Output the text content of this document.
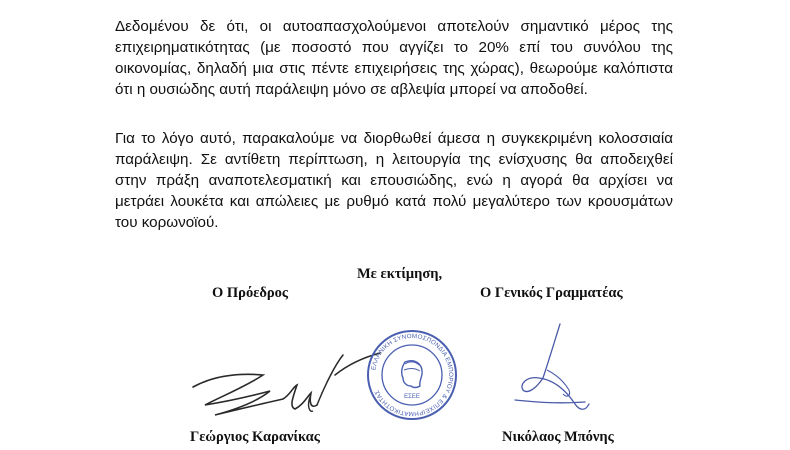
Δεδομένου δε ότι, οι αυτοαπασχολούμενοι αποτελούν σημαντικό μέρος της επιχειρηματικότητας (με ποσοστό που αγγίζει το 20% επί του συνόλου της οικονομίας, δηλαδή μια στις πέντε επιχειρήσεις της χώρας), θεωρούμε καλόπιστα ότι η ουσιώδης αυτή παράλειψη μόνο σε αβλεψία μπορεί να αποδοθεί.

Για το λόγο αυτό, παρακαλούμε να διορθωθεί άμεσα η συγκεκριμένη κολοσσιαία παράλειψη. Σε αντίθετη περίπτωση, η λειτουργία της ενίσχυσης θα αποδειχθεί στην πράξη αναποτελεσματική και επουσιώδης, ενώ η αγορά θα αρχίσει να μετράει λουκέτα και απώλειες με ρυθμό κατά πολύ μεγαλύτερο των κρουσμάτων του κορωνοϊού.

Με εκτίμηση,
Ο Πρόεδρος	Ο Γενικός Γραμματέας
ΕΛΛΗΝΙΚΗ ΣΥΝΟΜΟΣΠΟΝΔΙΑ ΕΜΠΟΡΙΟΥ & ΕΠΙΧΕΙΡΗΜΑΤΙΚΟΤΗΤΑΣ
ΕΣΕΕ
Γεώργιος Καρανίκας	Νικόλαος Μπόνης
